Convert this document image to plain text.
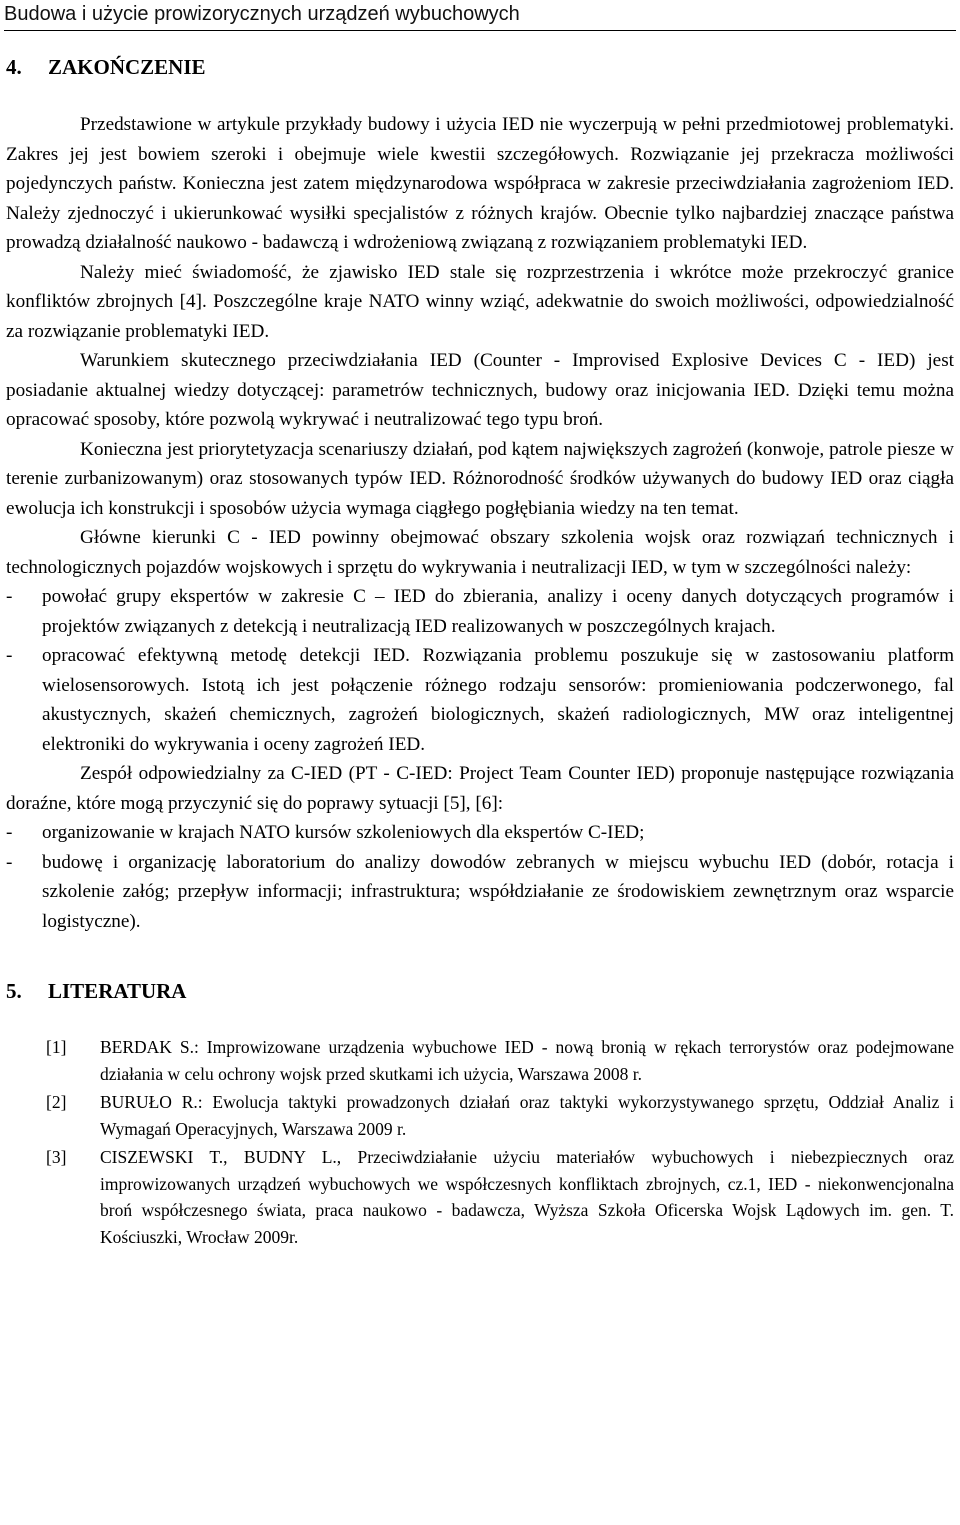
Budowa i użycie prowizorycznych urządzeń wybuchowych
4. ZAKOŃCZENIE

Przedstawione w artykule przykłady budowy i użycia IED nie wyczerpują w pełni przedmiotowej problematyki. Zakres jej jest bowiem szeroki i obejmuje wiele kwestii szczegółowych. Rozwiązanie jej przekracza możliwości pojedynczych państw. Konieczna jest zatem międzynarodowa współpraca w zakresie przeciwdziałania zagrożeniom IED. Należy zjednoczyć i ukierunkować wysiłki specjalistów z różnych krajów. Obecnie tylko najbardziej znaczące państwa prowadzą działalność naukowo - badawczą i wdrożeniową związaną z rozwiązaniem problematyki IED.

Należy mieć świadomość, że zjawisko IED stale się rozprzestrzenia i wkrótce może przekroczyć granice konfliktów zbrojnych [4]. Poszczególne kraje NATO winny wziąć, adekwatnie do swoich możliwości, odpowiedzialność za rozwiązanie problematyki IED.

Warunkiem skutecznego przeciwdziałania IED (Counter - Improvised Explosive Devices C - IED) jest posiadanie aktualnej wiedzy dotyczącej: parametrów technicznych, budowy oraz inicjowania IED. Dzięki temu można opracować sposoby, które pozwolą wykrywać i neutralizować tego typu broń.

Konieczna jest priorytetyzacja scenariuszy działań, pod kątem największych zagrożeń (konwoje, patrole piesze w terenie zurbanizowanym) oraz stosowanych typów IED. Różnorodność środków używanych do budowy IED oraz ciągła ewolucja ich konstrukcji i sposobów użycia wymaga ciągłego pogłębiania wiedzy na ten temat.

Główne kierunki C - IED powinny obejmować obszary szkolenia wojsk oraz rozwiązań technicznych i technologicznych pojazdów wojskowych i sprzętu do wykrywania i neutralizacji IED, w tym w szczególności należy:

- powołać grupy ekspertów w zakresie C – IED do zbierania, analizy i oceny danych dotyczących programów i projektów związanych z detekcją i neutralizacją IED realizowanych w poszczególnych krajach.
- opracować efektywną metodę detekcji IED. Rozwiązania problemu poszukuje się w zastosowaniu platform wielosensorowych. Istotą ich jest połączenie różnego rodzaju sensorów: promieniowania podczerwonego, fal akustycznych, skażeń chemicznych, zagrożeń biologicznych, skażeń radiologicznych, MW oraz inteligentnej elektroniki do wykrywania i oceny zagrożeń IED.

Zespół odpowiedzialny za C-IED (PT - C-IED: Project Team Counter IED) proponuje następujące rozwiązania doraźne, które mogą przyczynić się do poprawy sytuacji [5], [6]:

- organizowanie w krajach NATO kursów szkoleniowych dla ekspertów C-IED;
- budowę i organizację laboratorium do analizy dowodów zebranych w miejscu wybuchu IED (dobór, rotacja i szkolenie załóg; przepływ informacji; infrastruktura; współdziałanie ze środowiskiem zewnętrznym oraz wsparcie logistyczne).
5. LITERATURA
[1] BERDAK S.: Improwizowane urządzenia wybuchowe IED - nową bronią w rękach terrorystów oraz podejmowane działania w celu ochrony wojsk przed skutkami ich użycia, Warszawa 2008 r.
[2] BURUŁO R.: Ewolucja taktyki prowadzonych działań oraz taktyki wykorzystywanego sprzętu, Oddział Analiz i Wymagań Operacyjnych, Warszawa 2009 r.
[3] CISZEWSKI T., BUDNY L., Przeciwdziałanie użyciu materiałów wybuchowych i niebezpiecznych oraz improwizowanych urządzeń wybuchowych we współczesnych konfliktach zbrojnych, cz.1, IED - niekonwencjonalna broń współczesnego świata, praca naukowo - badawcza, Wyższa Szkoła Oficerska Wojsk Lądowych im. gen. T. Kościuszki, Wrocław 2009r.
